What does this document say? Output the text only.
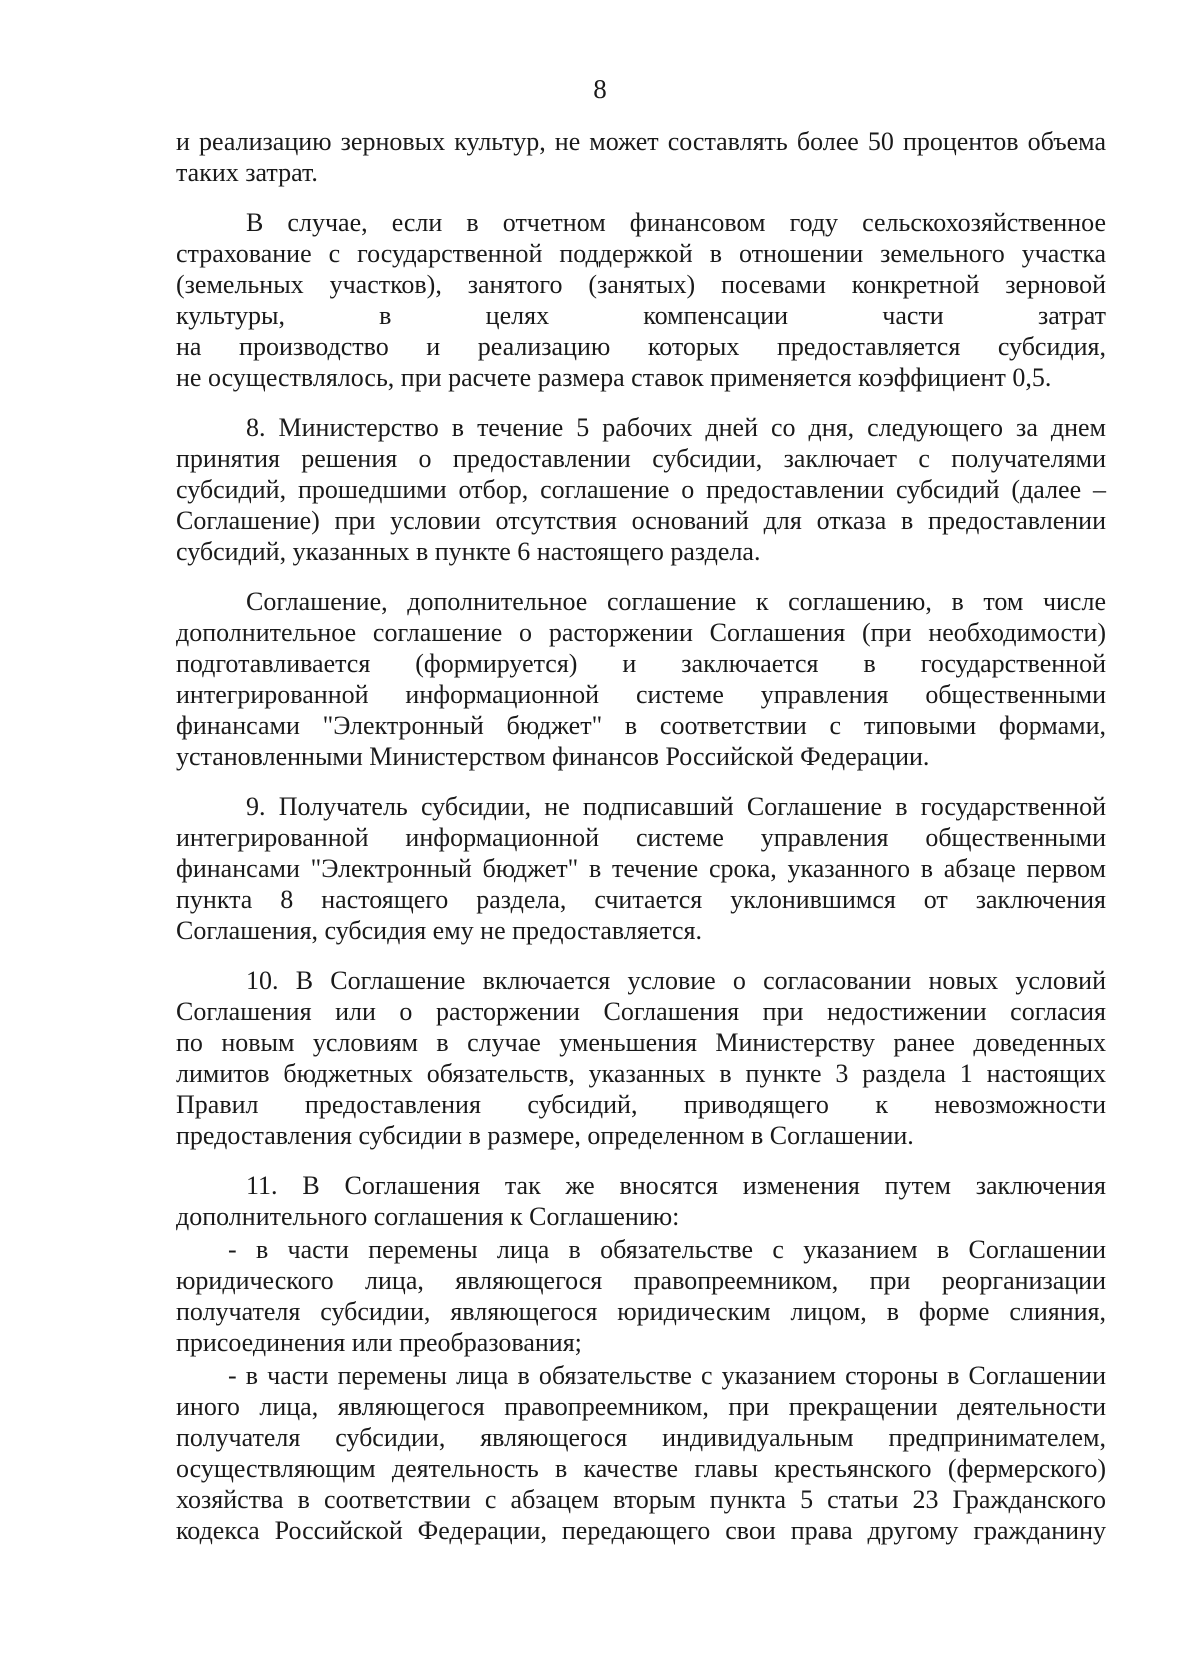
8

и реализацию зерновых культур, не может составлять более 50 процентов объема
таких затрат.

В случае, если в отчетном финансовом году сельскохозяйственное
страхование с государственной поддержкой в отношении земельного участка
(земельных участков), занятого (занятых) посевами конкретной зерновой
культуры, в целях компенсации части затрат
на производство и реализацию которых предоставляется субсидия,
не осуществлялось, при расчете размера ставок применяется коэффициент 0,5.

8. Министерство в течение 5 рабочих дней со дня, следующего за днем
принятия решения о предоставлении субсидии, заключает с получателями
субсидий, прошедшими отбор, соглашение о предоставлении субсидий (далее –
Соглашение) при условии отсутствия оснований для отказа в предоставлении
субсидий, указанных в пункте 6 настоящего раздела.

Соглашение, дополнительное соглашение к соглашению, в том числе
дополнительное соглашение о расторжении Соглашения (при необходимости)
подготавливается (формируется) и заключается в государственной
интегрированной информационной системе управления общественными
финансами "Электронный бюджет" в соответствии с типовыми формами,
установленными Министерством финансов Российской Федерации.

9. Получатель субсидии, не подписавший Соглашение в государственной
интегрированной информационной системе управления общественными
финансами "Электронный бюджет" в течение срока, указанного в абзаце первом
пункта 8 настоящего раздела, считается уклонившимся от заключения
Соглашения, субсидия ему не предоставляется.

10. В Соглашение включается условие о согласовании новых условий
Соглашения или о расторжении Соглашения при недостижении согласия
по новым условиям в случае уменьшения Министерству ранее доведенных
лимитов бюджетных обязательств, указанных в пункте 3 раздела 1 настоящих
Правил предоставления субсидий, приводящего к невозможности
предоставления субсидии в размере, определенном в Соглашении.

11. В Соглашения так же вносятся изменения путем заключения
дополнительного соглашения к Соглашению:

- в части перемены лица в обязательстве с указанием в Соглашении
юридического лица, являющегося правопреемником, при реорганизации
получателя субсидии, являющегося юридическим лицом, в форме слияния,
присоединения или преобразования;

- в части перемены лица в обязательстве с указанием стороны в Соглашении
иного лица, являющегося правопреемником, при прекращении деятельности
получателя субсидии, являющегося индивидуальным предпринимателем,
осуществляющим деятельность в качестве главы крестьянского (фермерского)
хозяйства в соответствии с абзацем вторым пункта 5 статьи 23 Гражданского
кодекса Российской Федерации, передающего свои права другому гражданину
